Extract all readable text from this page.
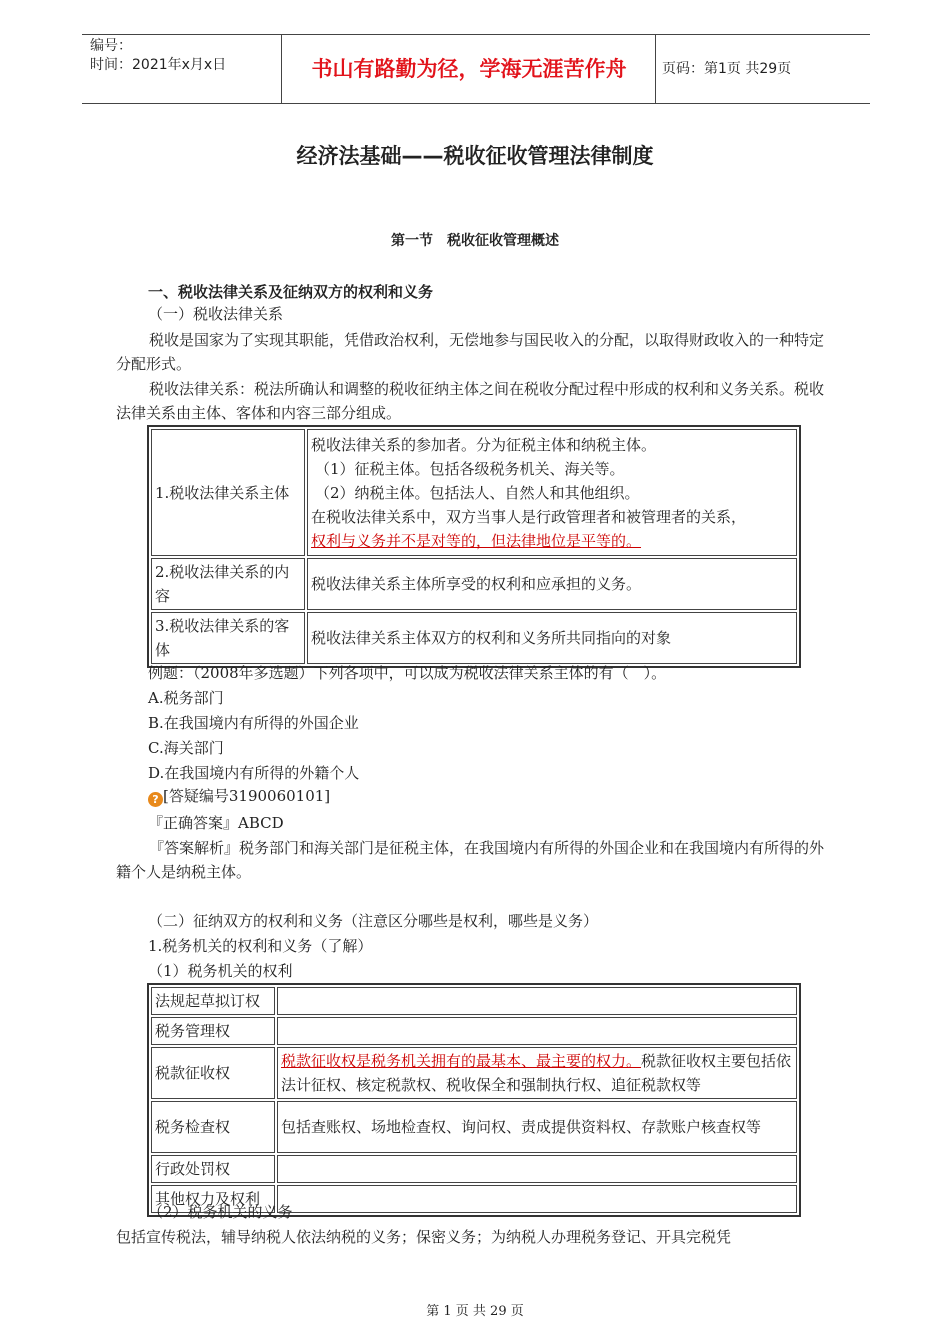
编号：
时间：2021年x月x日	书山有路勤为径，学海无涯苦作舟	页码：第1页 共29页
经济法基础——税收征收管理法律制度
第一节　税收征收管理概述
一、税收法律关系及征纳双方的权利和义务
（一）税收法律关系
税收是国家为了实现其职能，凭借政治权利，无偿地参与国民收入的分配，以取得财政收入的一种特定分配形式。
税收法律关系：税法所确认和调整的税收征纳主体之间在税收分配过程中形成的权利和义务关系。税收法律关系由主体、客体和内容三部分组成。
1.税收法律关系主体	税收法律关系的参加者。分为征税主体和纳税主体。
（1）征税主体。包括各级税务机关、海关等。
（2）纳税主体。包括法人、自然人和其他组织。
在税收法律关系中，双方当事人是行政管理者和被管理者的关系，
权利与义务并不是对等的，但法律地位是平等的。

2.税收法律关系的内容	税收法律关系主体所享受的权利和应承担的义务。
3.税收法律关系的客体	税收法律关系主体双方的权利和义务所共同指向的对象
例题：（2008年多选题）下列各项中，可以成为税收法律关系主体的有（　）。
A.税务部门
B.在我国境内有所得的外国企业
C.海关部门
D.在我国境内有所得的外籍个人
? [答疑编号3190060101]
『正确答案』ABCD
『答案解析』税务部门和海关部门是征税主体，在我国境内有所得的外国企业和在我国境内有所得的外籍个人是纳税主体。
（二）征纳双方的权利和义务（注意区分哪些是权利，哪些是义务）
1.税务机关的权利和义务（了解）
（1）税务机关的权利
法规起草拟订权	
税务管理权	
税款征收权	税款征收权是税务机关拥有的最基本、最主要的权力。税款征收权主要包括依法计征权、核定税款权、税收保全和强制执行权、追征税款权等
税务检查权	包括查账权、场地检查权、询问权、责成提供资料权、存款账户核查权等
行政处罚权	
其他权力及权利	
（2）税务机关的义务
包括宣传税法，辅导纳税人依法纳税的义务；保密义务；为纳税人办理税务登记、开具完税凭
第 1 页 共 29 页
